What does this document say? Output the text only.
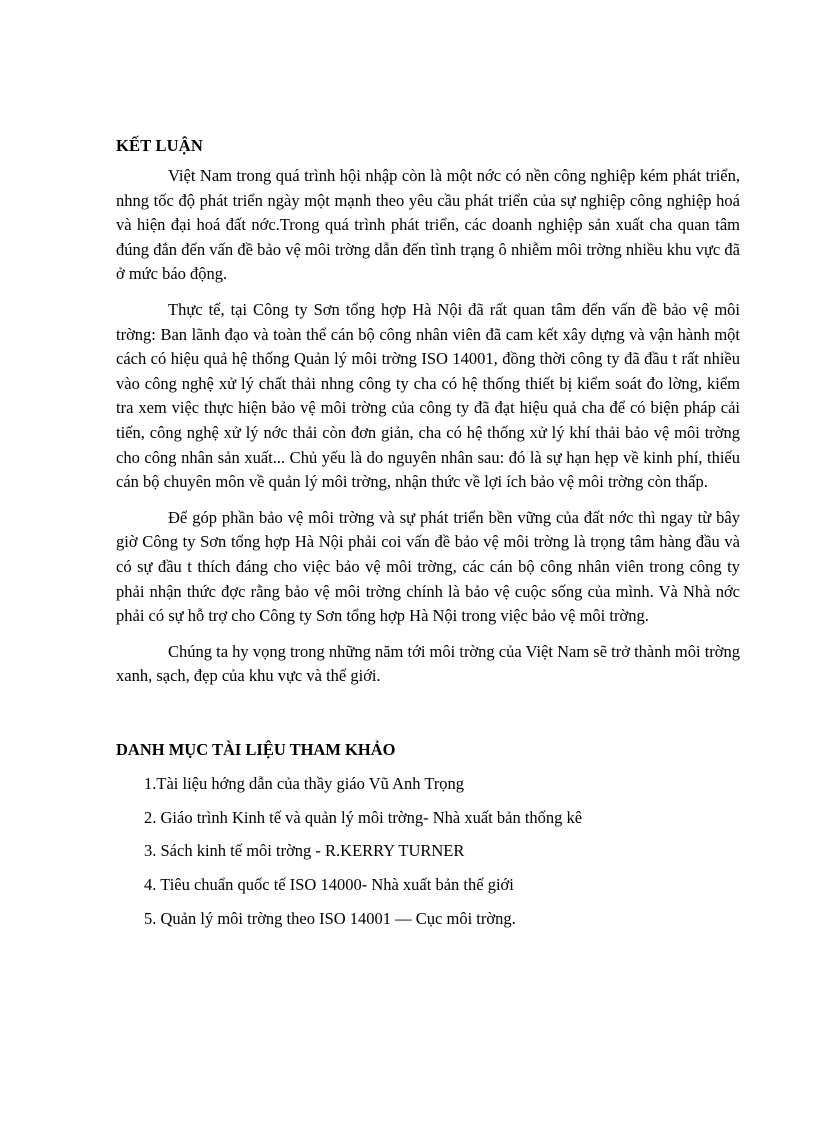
KẾT LUẬN

Việt Nam trong quá trình hội nhập còn là một nớc có nền công nghiệp kém phát triển, nhng tốc độ phát triển ngày một mạnh theo yêu cầu phát triển của sự nghiệp công nghiệp hoá và hiện đại hoá đất nớc.Trong quá trình phát triển, các doanh nghiệp sản xuất cha quan tâm đúng đắn đến vấn đề bảo vệ môi trờng dẫn đến tình trạng ô nhiễm môi trờng nhiều khu vực đã ở mức báo động.

Thực tế, tại Công ty Sơn tổng hợp Hà Nội đã rất quan tâm đến vấn đề bảo vệ môi trờng: Ban lãnh đạo và toàn thể cán bộ công nhân viên đã cam kết xây dựng và vận hành một cách có hiệu quả hệ thống Quản lý môi trờng ISO 14001, đồng thời công ty đã đầu t rất nhiều vào công nghệ xử lý chất thải nhng công ty cha có hệ thống thiết bị kiểm soát đo lờng, kiểm tra xem việc thực hiện bảo vệ môi trờng của công ty đã đạt hiệu quả cha để có biện pháp cải tiến, công nghệ xử lý nớc thải còn đơn giản, cha có hệ thống xử lý khí thải bảo vệ môi trờng cho công nhân sản xuất... Chủ yếu là do nguyên nhân sau: đó là sự hạn hẹp về kinh phí, thiếu cán bộ chuyên môn về quản lý môi trờng, nhận thức về lợi ích bảo vệ môi trờng còn thấp.

Để góp phần bảo vệ môi trờng và sự phát triển bền vững của đất nớc thì ngay từ bây giờ Công ty Sơn tổng hợp Hà Nội phải coi vấn đề bảo vệ môi trờng là trọng tâm hàng đầu và có sự đầu t thích đáng cho việc bảo vệ môi trờng, các cán bộ công nhân viên trong công ty phải nhận thức đợc rằng bảo vệ môi trờng chính là bảo vệ cuộc sống của mình. Và Nhà nớc phải có sự hỗ trợ cho Công ty Sơn tổng hợp Hà Nội trong việc bảo vệ môi trờng.

Chúng ta hy vọng trong những năm tới môi trờng của Việt Nam sẽ trở thành môi trờng xanh, sạch, đẹp của khu vực và thế giới.

DANH MỤC TÀI LIỆU THAM KHẢO
1.Tài liệu hớng dẫn của thầy giáo Vũ Anh Trọng
2. Giáo trình Kinh tế và quản lý môi trờng- Nhà xuất bản thống kê
3. Sách kinh tế môi trờng - R.KERRY TURNER
4. Tiêu chuẩn quốc tế ISO 14000- Nhà xuất bản thế giới
5. Quản lý môi trờng theo ISO 14001 — Cục môi trờng.
